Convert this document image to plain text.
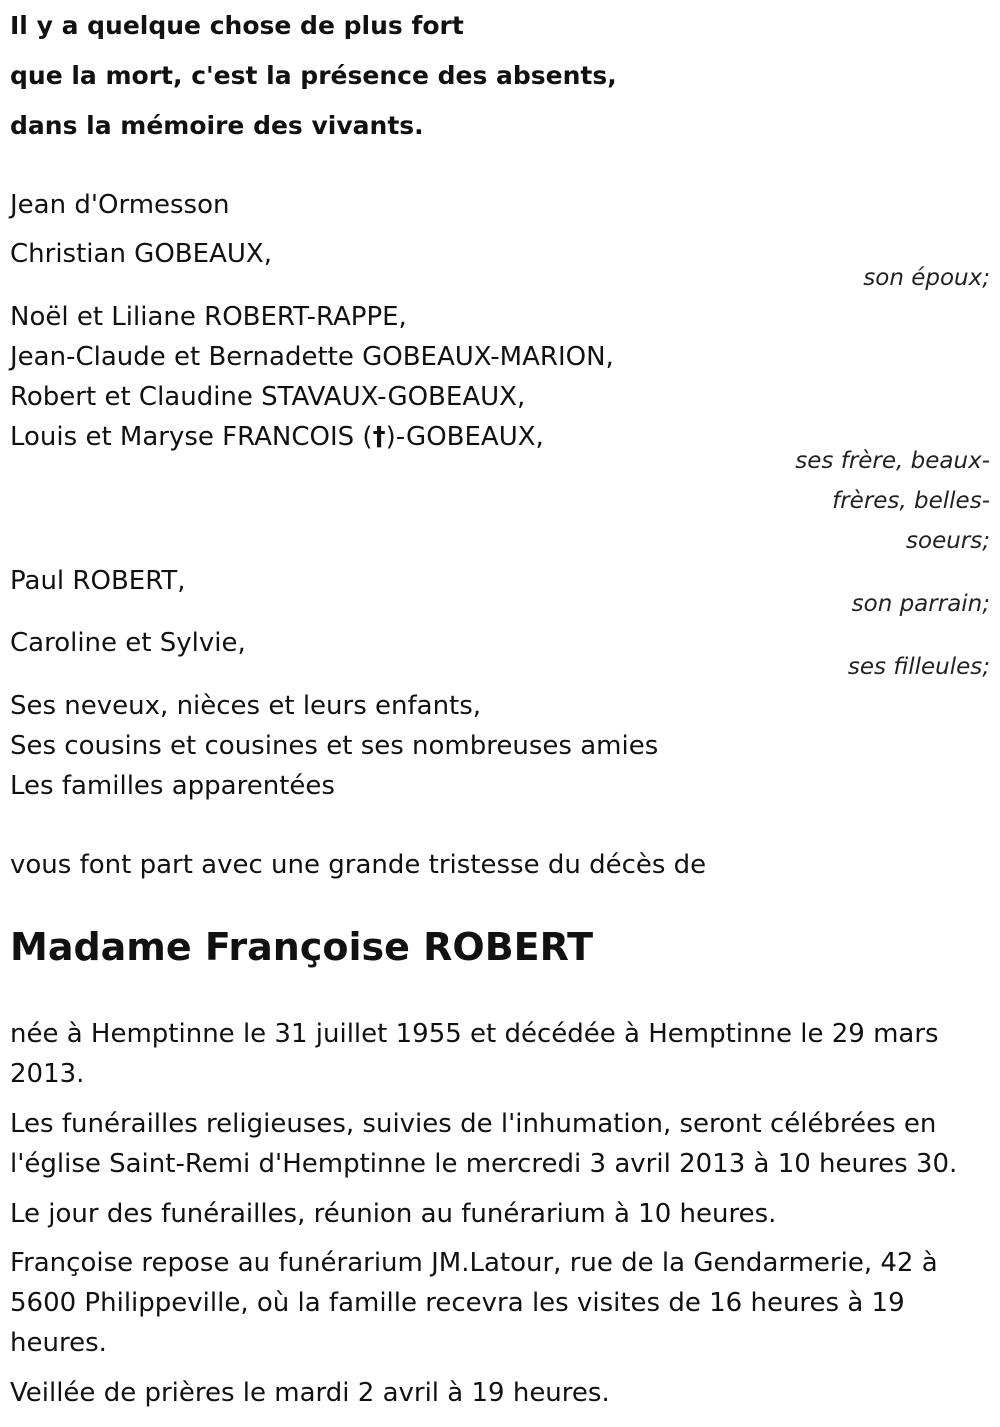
Il y a quelque chose de plus fort
que la mort, c'est la présence des absents,
dans la mémoire des vivants.
Jean d'Ormesson
Christian GOBEAUX,
son époux;
Noël et Liliane ROBERT-RAPPE,
Jean-Claude et Bernadette GOBEAUX-MARION,
Robert et Claudine STAVAUX-GOBEAUX,
Louis et Maryse FRANCOIS (†)-GOBEAUX,
ses frère, beaux-
frères, belles-
soeurs;
Paul ROBERT,
son parrain;
Caroline et Sylvie,
ses filleules;
Ses neveux, nièces et leurs enfants,
Ses cousins et cousines et ses nombreuses amies
Les familles apparentées
vous font part avec une grande tristesse du décès de
Madame Françoise ROBERT
née à Hemptinne le 31 juillet 1955 et décédée à Hemptinne le 29 mars
2013.
Les funérailles religieuses, suivies de l'inhumation, seront célébrées en
l'église Saint-Remi d'Hemptinne le mercredi 3 avril 2013 à 10 heures 30.
Le jour des funérailles, réunion au funérarium à 10 heures.
Françoise repose au funérarium JM.Latour, rue de la Gendarmerie, 42 à
5600 Philippeville, où la famille recevra les visites de 16 heures à 19
heures.
Veillée de prières le mardi 2 avril à 19 heures.
